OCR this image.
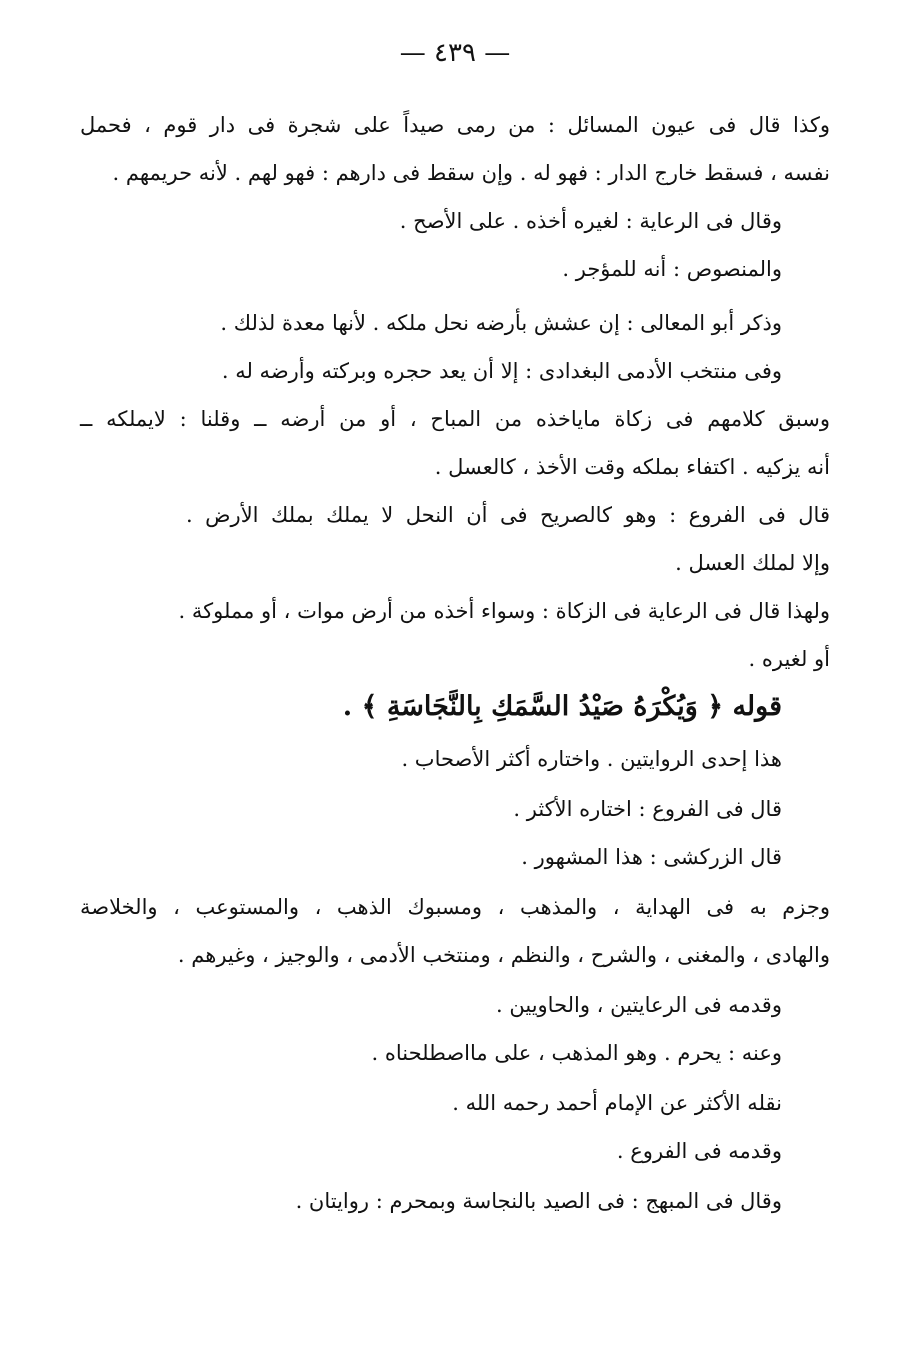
— ٤٣٩ —
وكذا قال فى عيون المسائل : من رمى صيداً على شجرة فى دار قوم ، فحمل
نفسه ، فسقط خارج الدار : فهو له . وإن سقط فى دارهم : فهو لهم . لأنه حريمهم .
وقال فى الرعاية : لغيره أخذه . على الأصح .
والمنصوص : أنه للمؤجر .
وذكر أبو المعالى : إن عشش بأرضه نحل ملكه . لأنها معدة لذلك .
وفى منتخب الأدمى البغدادى : إلا أن يعد حجره وبركته وأرضه له .
وسبق كلامهم فى زكاة ماياخذه من المباح ، أو من أرضه ــ وقلنا : لايملكه ــ
أنه يزكيه . اكتفاء بملكه وقت الأخذ ، كالعسل .
قال فى الفروع : وهو كالصريح فى أن النحل لا يملك بملك الأرض .
وإلا لملك العسل .
ولهذا قال فى الرعاية فى الزكاة : وسواء أخذه من أرض موات ، أو مملوكة .
أو لغيره .
قوله ﴿ وَيُكْرَهُ صَيْدُ السَّمَكِ بِالنَّجَاسَةِ ﴾ .
هذا إحدى الروايتين . واختاره أكثر الأصحاب .
قال فى الفروع : اختاره الأكثر .
قال الزركشى : هذا المشهور .
وجزم به فى الهداية ، والمذهب ، ومسبوك الذهب ، والمستوعب ، والخلاصة
والهادى ، والمغنى ، والشرح ، والنظم ، ومنتخب الأدمى ، والوجيز ، وغيرهم .
وقدمه فى الرعايتين ، والحاويين .
وعنه : يحرم . وهو المذهب ، على مااصطلحناه .
نقله الأكثر عن الإمام أحمد رحمه الله .
وقدمه فى الفروع .
وقال فى المبهج : فى الصيد بالنجاسة وبمحرم : روايتان .
